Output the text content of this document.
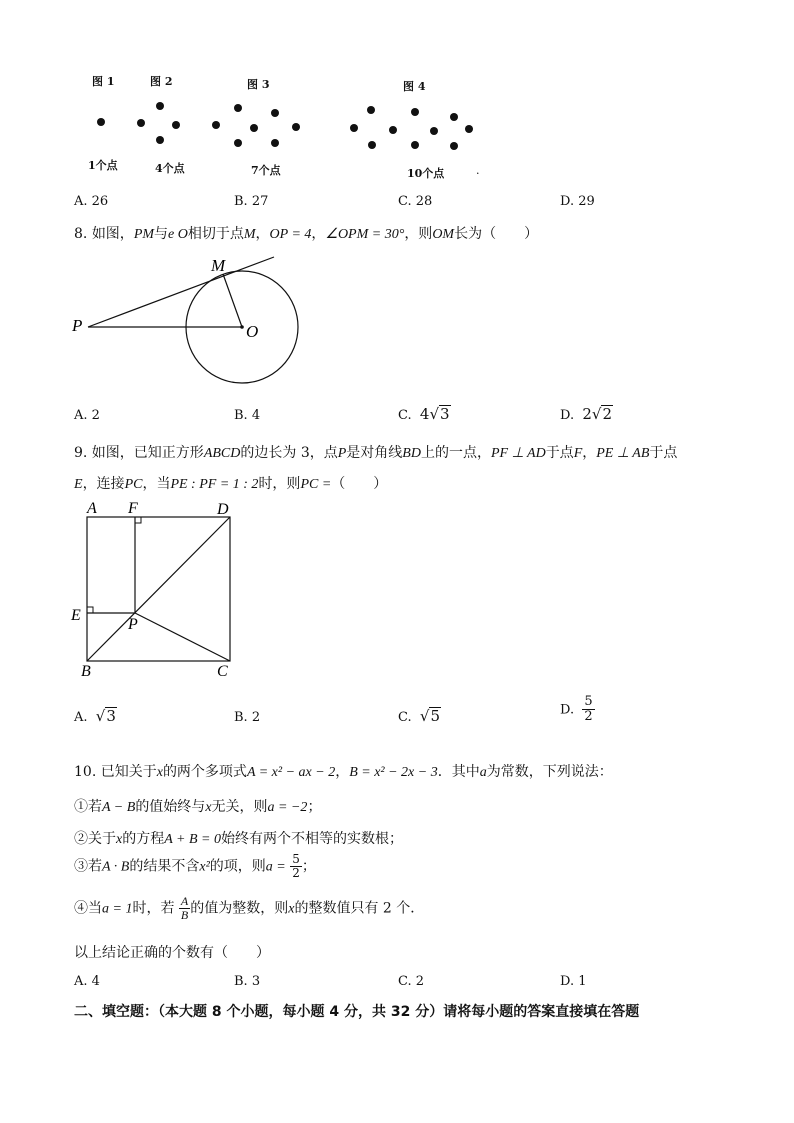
图 1	图 2	图 3	图 4
1个点	4个点	7个点	10个点	.
A. 26	B. 27	C. 28	D. 29
8. 如图，PM与e O相切于点M，OP = 4，∠OPM = 30°，则OM长为（　　）
P
M
O
A. 2	B. 4	C. 4√3	D. 2√2
9. 如图，已知正方形ABCD的边长为 3，点P是对角线BD上的一点，PF ⊥ AD于点F，PE ⊥ AB于点
E，连接PC，当PE : PF = 1 : 2时，则PC =（　　）
A F	D
E
P
B	C
A. √3	B. 2	C. √5	D. $\frac{5}{2}$
10. 已知关于x的两个多项式A = x² − ax − 2，B = x² − 2x − 3．其中a为常数，下列说法：
①若A − B的值始终与x无关，则a = −2；
②关于x的方程A + B = 0始终有两个不相等的实数根；
③若A · B的结果不含x²的项，则$a = \frac{5}{2}$ ；
④当a = 1时，若 $\frac{A}{B}$ 的值为整数，则x的整数值只有 2 个．
以上结论正确的个数有（　　）
A. 4	B. 3	C. 2	D. 1
二、填空题：（本大题 8 个小题，每小题 4 分，共 32 分）请将每小题的答案直接填在答题
